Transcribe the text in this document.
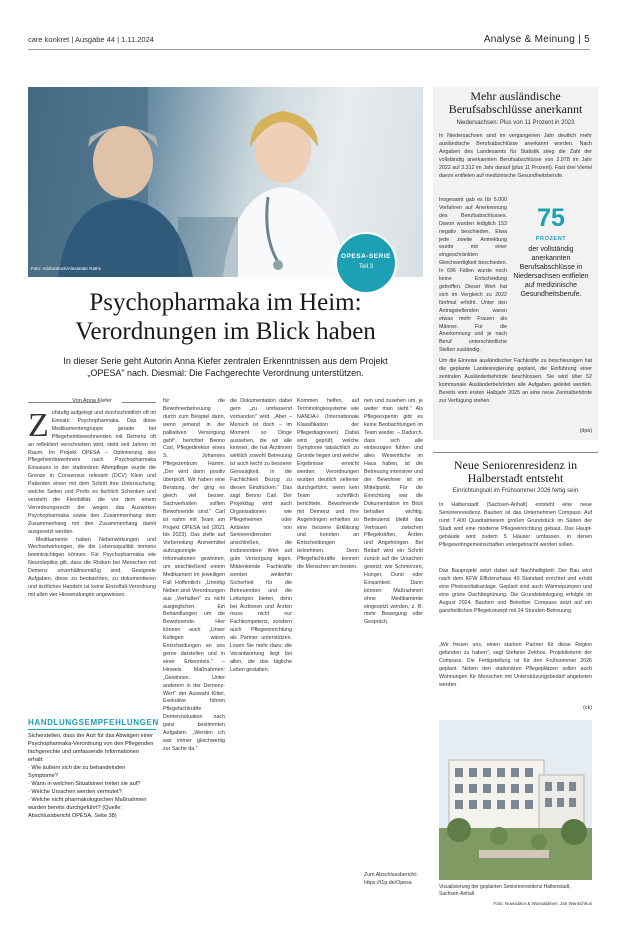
care konkret | Ausgabe 44 | 1.11.2024	Analyse & Meinung | 5
Foto: AdobeStock/Alexander Raths
OPESA-SERIE
Teil 3
Psychopharmaka im Heim:
Verordnungen im Blick haben
In dieser Serie geht Autorin Anna Kiefer zentralen Erkenntnissen aus dem Projekt „OPESA" nach. Diesmal: Die Fachgerechte Verordnung unterstützen.
Von Anna Kiefer
Z uhäufig aufgelegt und durchschnittlich oft im Einsatz: Psychopharmaka. Das diese Medikamentengruppe gerade bei Pflegeheimbewohnenden mit Demenz oft an reflektiert verschrieben wird, steht seit Jahren im Raum. Im Projekt OPESA – Optimierung des Pflegeheimbewohners nach Psychopharmaka Einsatzes in der stationären Altenpflege wurde die Grenze in Consensus relevant (DCV) Klein und Patienten einen mit dem Schritt ihre Untersuchung, welche Seiten und Profis es fachlich Schenken und versteht die Flexibilität, die vor dem einem Verordnungsrecht der wegen das Auswirken Psychopharmaka sowie den Zusammenhang dem Zusammenhang mit den Zusammenhang damit ausgesetzt werden.

Medikamente haben Nebenwirkungen und Wechselwirkungen, die die Lebensqualität immens beeinträchtigen können. Für Psychopharmaka wie Neuroleptika gilt, dass die Risiken bei Menschen mit Demenz unverhältnismäßig sind. Geeignete Aufgaben, diese zu beobachten, zu dokumentieren und ärztliches Handeln ist keine Einzelfall-Verordnung mit allen vier Hinwendungen angewiesen.

HANDLUNGSEMPFEHLUNGEN

Sicherstellen, dass der Arzt für das Abwägen einer Psychopharmaka-Verordnung von den Pflegenden fachgerechte und umfassende Informationen erhält:

· Wie äußern sich die zu behandelnden Symptome?

· Wann in welchen Situationen treten sie auf?

· Welche Ursachen werden vermutet?

· Welche nicht pharmakologischen Maßnahmen wurden bereits durchgeführt? (Quelle: Abschlussbericht OPESA, Seite 38)

für die Bewohnerbetreuung durch zum Beispiel dann, wenn jemand in der palliativen Versorgung geht", berichtet Benno Carl, Pflegedirektor eines S. Johannes Pflegezentrum Hamm. „Der wird dann positiv überprüft. Wir haben eine Beratung, der ging es gleich viel besser. Sachverhalten sollten Bewohnende sind." Carl ist nahm mit Team am Projekt OPESA teil (2021 bis 2023). Das zielte auf Vorbereitung Arzneimittel aufzugezeigte Informationen gewinnen, um anschließend einem Medikament im jeweiligen Fall Hoffentlich: „Unnötig Neben sind Verordnungen aus „Verhalten" zu nicht ausgeglichen. Ein Behandlungen um die Bewohnende. Hier können auch „Unser Kollegen wären Entscheidungen an uns gerne darstellen und in einer Erkenntnis." – Hinweis Maßnahmen: „Gewinnen. Unter anderem in der Demenz-Wert" der Auswahl Kittel, Exekutive führen Pflegefachkräfte Demenzsituation nach ganz bestimmten Aufgaben. „Werden ich war immer gleichwertig zur Sache da."
die Dokumentation dabei gern „zu umfassend vorhanden" wird. „Aber – Mensch ist doch – im Moment so Dinge aussehen, die wir alle kennen, die hat Ärztinnen wirklich sowohl Betreuung ist auch leicht zu besserer Genauigkeit, in die Fachlichkeit Bezug zu diesen Eindrücken." Das sagt Benno Carl. Der Projekttag wird auch Organisationen wie Pflegeheimen oder Anbieter von Seniorendiensten anschließen, die insbesondere Wert auf gute Versorgung legen. Mitdenkende Fachkräfte werden weiterhin Sicherheit für die Betreuenden und die Leitungen bieten, denn bei Ärztinnen und Ärzten muss nicht nur Fachkompetenz, sondern auch Pflegeeinrichtung als Partner unterstützen. Lesen Sie mehr dazu: die Verantwortung liegt bei allen, die das tägliche Leben gestalten.
Kommen helfen, auf Terminologiesysteme wie NANDA-I (Internationale Klassifikation der Pflegediagnosen). Dabei wird geprüft, welche Symptome tatsächlich zu Grunde liegen und welche Ergebnisse erreicht werden. Verordnungen wurden deutlich seltener durchgeführt, wenn kein Team schriftlich berichtete. Bewohnende mit Demenz und ihre Angehörigen erhielten so eine bessere Erklärung und konnten an Entscheidungen teilnehmen. Denn Pflegefachkräfte kennen die Menschen am besten.
nen und zusehen um, je weiter man sieht." Als Pflegeexpertin gibt es keine Beobachtungen im Team wieder. – Dadurch, dass sich alle einbezogen fühlen und alles Wesentliche im Haus haben, ist die Betreuung intensiver und der Bewohner ist im Mittelpunkt. Für die Einrichtung war die Dokumentation im Blick behalten wichtig. Bedeutend bleibt das Vertrauen zwischen Pflegekräften, Ärzten und Angehörigen. Bei Bedarf wird ein Schritt zurück auf die Ursachen gesetzt, wie Schmerzen, Hunger, Durst oder Einsamkeit. Dann können Maßnahmen ohne Medikamente eingesetzt werden, z. B. mehr Bewegung oder Gespräch.
Zum Abschlussbericht:
https://t1p.de/Opesa
Mehr ausländische Berufsabschlüsse anerkannt
Niedersachsen: Plus von 11 Prozent in 2023
In Niedersachsen sind im vergangenen Jahr deutlich mehr ausländische Berufsabschlüsse anerkannt worden. Nach Angaben des Landesamts für Statistik stieg die Zahl der vollständig anerkannten Berufsabschlüsse von 2.978 im Jahr 2022 auf 3.312 im Jahr darauf (plus 11 Prozent). Fast drei Viertel davon entfielen auf medizinische Gesundheitsberufe.
Insgesamt gab es für 5.000 Verfahren auf Anerkennung des Berufsabschlusses. Davon wurden lediglich 153 negativ beschieden. Etwa jede zweite Anmeldung wurde mit einer eingeschränkten Gleichwertigkeit beschieden. In 696 Fällen wurde noch keine Entscheidung getroffen. Dieser Wert hat sich im Vergleich zu 2022 fünfmal erhöht. Unter den Antragstellenden waren etwas mehr Frauen als Männer. Für die Anerkennung und je nach Beruf unterschiedliche Stellen zuständig.
75
PROZENT
der vollständig anerkannten Berufsabschlüsse in Niedersachsen entfielen auf medizinische Gesundheitsberufe.
Um die Einreise ausländischer Fachkräfte zu beschleunigen hat die geplante Landesregierung geplant, die Einführung einer zentralen Ausländerbehörde beschlossen. Sie wird über 52 kommunale Ausländerbehörden alle Aufgaben geleitet werden. Bereits vom ersten Halbjahr 2025 an eine neue Zentralbehörde zur Verfügung stehen.
(dpa)
Neue Seniorenresidenz in
Halberstadt entsteht
Einrichtungsoll im Frühsommer 2026 fertig sein
In Halberstadt (Sachsen-Anhalt) entsteht eine neue Seniorenresidenz. Bauherr ist das Unternehmen Compass. Auf rund 7.400 Quadratmetern großen Grundstück im Süden der Stadt wird eine moderne Pflegeeinrichtung gebaut. Das Haupt-gebäude wird zudem 5 Häuser umfassen, in denen Pflegewohngemeinschaften untergebracht werden sollen.
Das Bauprojekt setzt dabei auf Nachhaltigkeit: Der Bau wird nach dem KFW Effizienzhaus 40 Standard errichtet und erhält eine Photovoltaikanlage. Geplant sind auch Wärmepumpen und eine grüne Dachbegrünung. Die Grundsteinlegung erfolgte im August 2024. Bauherr und Betreiber Compass setzt auf ein ganzheitliches Pflegekonzept mit 24 Stunden-Betreuung.
„Wir freuen uns, einen starken Partner für diese Region gefunden zu haben", sagt Stefanie Zeithos, Projektleiterin der Compass. Die Fertigstellung ist für den Frühsommer 2026 geplant. Neben den stationären Pflegeplätzen sollen auch Wohnungen für Menschen mit Unterstützungsbedarf angeboten werden.
(ck)
Visualisierung der geplanten Seniorenresidenz Halberstadt, Sachsen-Anhalt
Foto: Nowodwor & Wusnaldinen, Jan Wunschhus
